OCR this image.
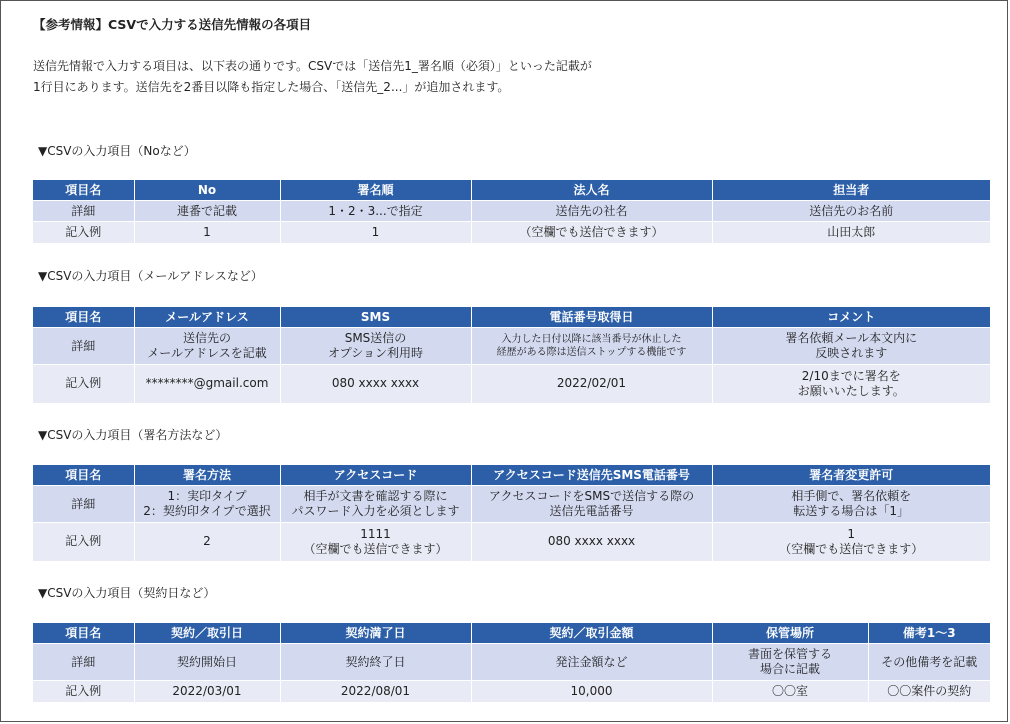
【参考情報】CSVで入力する送信先情報の各項目
送信先情報で入力する項目は、以下表の通りです。CSVでは「送信先1_署名順（必須）」といった記載が
1行目にあります。送信先を2番目以降も指定した場合、「送信先_2...」が追加されます。
▼CSVの入力項目（Noなど）
項目名	No	署名順	法人名	担当者
詳細	連番で記載	1・2・3...で指定	送信先の社名	送信先のお名前
記入例	1	1	（空欄でも送信できます）	山田太郎
▼CSVの入力項目（メールアドレスなど）
項目名	メールアドレス	SMS	電話番号取得日	コメント
詳細	送信先の
メールアドレスを記載	SMS送信の
オプション利用時	入力した日付以降に該当番号が休止した
経歴がある際は送信ストップする機能です	署名依頼メール本文内に
反映されます
記入例	********@gmail.com	080 xxxx xxxx	2022/02/01	2/10までに署名を
お願いいたします。
▼CSVの入力項目（署名方法など）
項目名	署名方法	アクセスコード	アクセスコード送信先SMS電話番号	署名者変更許可
詳細	1：実印タイプ
2：契約印タイプで選択	相手が文書を確認する際に
パスワード入力を必須とします	アクセスコードをSMSで送信する際の
送信先電話番号	相手側で、署名依頼を
転送する場合は「1」
記入例	2	1111
（空欄でも送信できます）	080 xxxx xxxx	1
（空欄でも送信できます）
▼CSVの入力項目（契約日など）
項目名	契約／取引日	契約満了日	契約／取引金額	保管場所	備考1～3
詳細	契約開始日	契約終了日	発注金額など	書面を保管する
場合に記載	その他備考を記載
記入例	2022/03/01	2022/08/01	10,000	〇〇室	〇〇案件の契約
